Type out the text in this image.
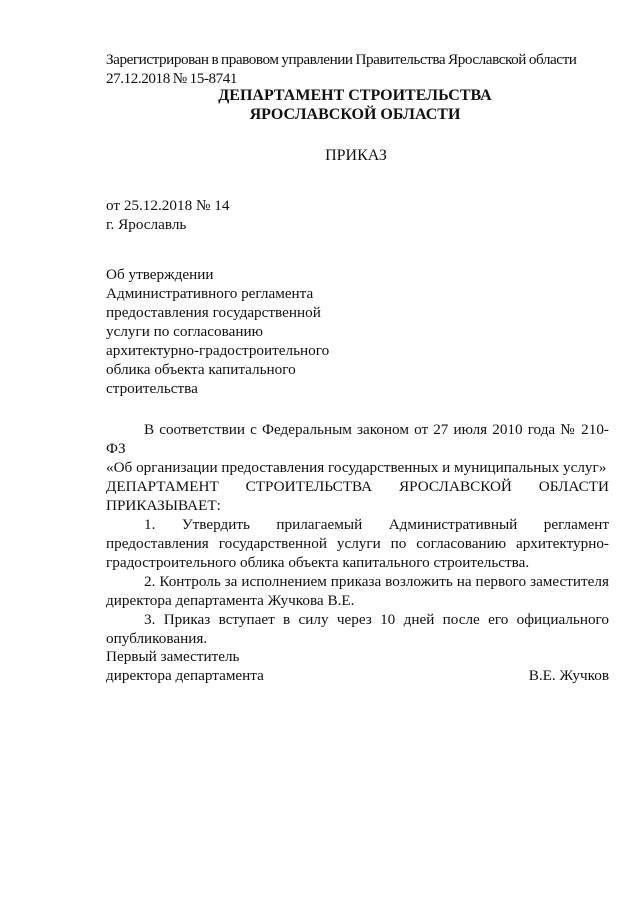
Зарегистрирован в правовом управлении Правительства Ярославской области
27.12.2018 № 15-8741
ДЕПАРТАМЕНТ СТРОИТЕЛЬСТВА
ЯРОСЛАВСКОЙ ОБЛАСТИ
ПРИКАЗ
от 25.12.2018 № 14
г. Ярославль
Об утверждении
Административного регламента
предоставления государственной
услуги по согласованию
архитектурно-градостроительного
облика объекта капитального
строительства
В соответствии с Федеральным законом от 27 июля 2010 года № 210-ФЗ
«Об организации предоставления государственных и муниципальных услуг»
ДЕПАРТАМЕНТ СТРОИТЕЛЬСТВА ЯРОСЛАВСКОЙ ОБЛАСТИ
ПРИКАЗЫВАЕТ:

1. Утвердить прилагаемый Административный регламент предоставления государственной услуги по согласованию архитектурно-градостроительного облика объекта капитального строительства.

2. Контроль за исполнением приказа возложить на первого заместителя директора департамента Жучкова В.Е.

3. Приказ вступает в силу через 10 дней после его официального опубликования.

Первый заместитель
директора департамента	В.Е. Жучков
